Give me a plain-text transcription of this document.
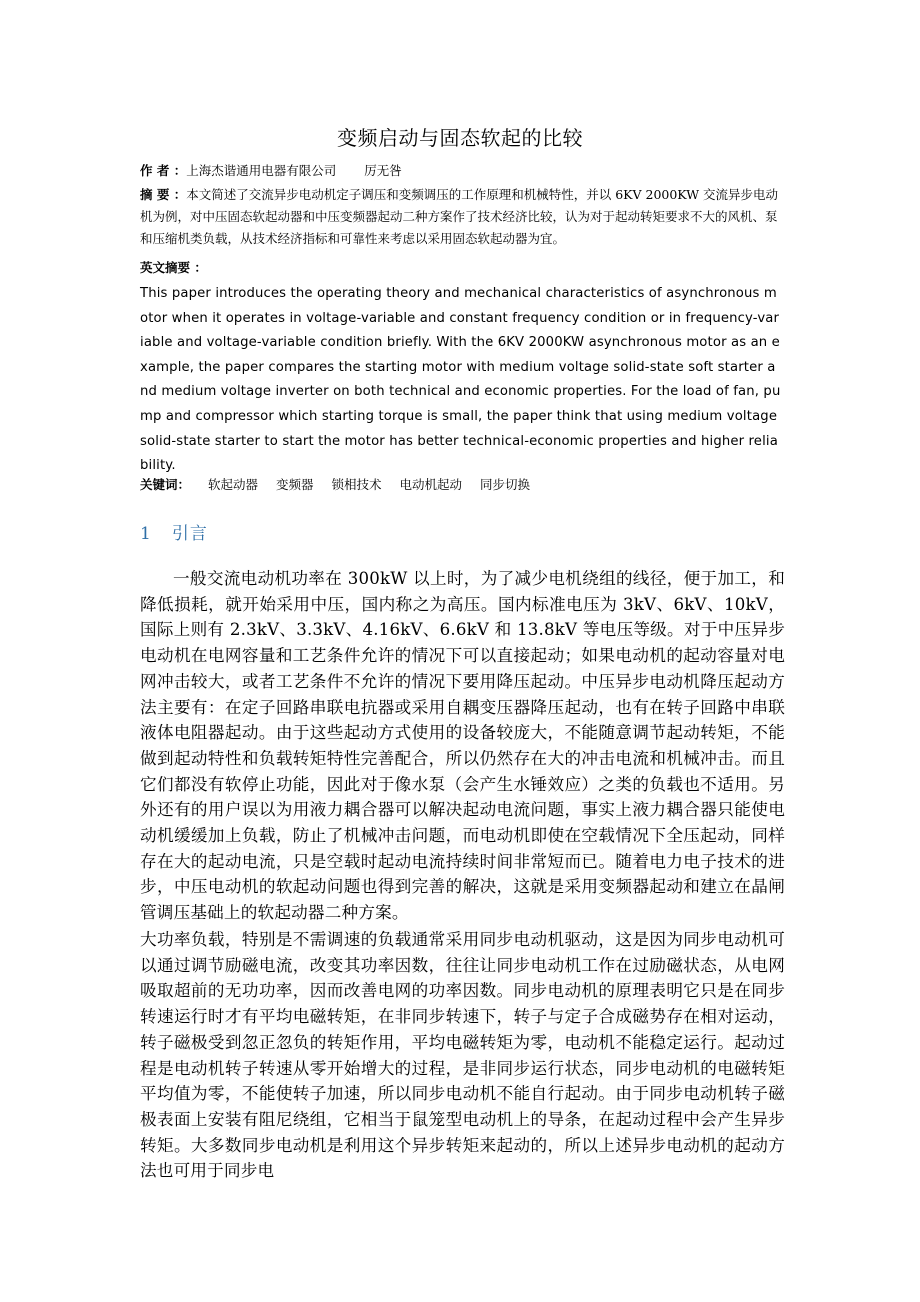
变频启动与固态软起的比较
作 者 ：上海杰谐通用电器有限公司 厉无咎
摘 要 ：本文简述了交流异步电动机定子调压和变频调压的工作原理和机械特性，并以 6KV 2000KW 交流异步电动机为例，对中压固态软起动器和中压变频器起动二种方案作了技术经济比较，认为对于起动转矩要求不大的风机、泵和压缩机类负载，从技术经济指标和可靠性来考虑以采用固态软起动器为宜。
英文摘要 ：
This paper introduces the operating theory and mechanical characteristics of asynchronous motor when it operates in voltage-variable and constant frequency condition or in frequency-variable and voltage-variable condition briefly. With the 6KV 2000KW asynchronous motor as an example, the paper compares the starting motor with medium voltage solid-state soft starter and medium voltage inverter on both technical and economic properties. For the load of fan, pump and compressor which starting torque is small, the paper think that using medium voltage solid-state starter to start the motor has better technical-economic properties and higher reliability.
关键词： 软起动器 变频器 锁相技术 电动机起动 同步切换
1 引言
一般交流电动机功率在 300kW 以上时，为了减少电机绕组的线径，便于加工，和降低损耗，就开始采用中压，国内称之为高压。国内标准电压为 3kV、6kV、10kV，国际上则有 2.3kV、3.3kV、4.16kV、6.6kV 和 13.8kV 等电压等级。对于中压异步电动机在电网容量和工艺条件允许的情况下可以直接起动；如果电动机的起动容量对电网冲击较大，或者工艺条件不允许的情况下要用降压起动。中压异步电动机降压起动方法主要有：在定子回路串联电抗器或采用自耦变压器降压起动，也有在转子回路中串联液体电阻器起动。由于这些起动方式使用的设备较庞大，不能随意调节起动转矩，不能做到起动特性和负载转矩特性完善配合，所以仍然存在大的冲击电流和机械冲击。而且它们都没有软停止功能，因此对于像水泵（会产生水锤效应）之类的负载也不适用。另外还有的用户误以为用液力耦合器可以解决起动电流问题，事实上液力耦合器只能使电动机缓缓加上负载，防止了机械冲击问题，而电动机即使在空载情况下全压起动，同样存在大的起动电流，只是空载时起动电流持续时间非常短而已。随着电力电子技术的进步，中压电动机的软起动问题也得到完善的解决，这就是采用变频器起动和建立在晶闸管调压基础上的软起动器二种方案。
大功率负载，特别是不需调速的负载通常采用同步电动机驱动，这是因为同步电动机可以通过调节励磁电流，改变其功率因数，往往让同步电动机工作在过励磁状态，从电网吸取超前的无功功率，因而改善电网的功率因数。同步电动机的原理表明它只是在同步转速运行时才有平均电磁转矩，在非同步转速下，转子与定子合成磁势存在相对运动，转子磁极受到忽正忽负的转矩作用，平均电磁转矩为零，电动机不能稳定运行。起动过程是电动机转子转速从零开始增大的过程，是非同步运行状态，同步电动机的电磁转矩平均值为零，不能使转子加速，所以同步电动机不能自行起动。由于同步电动机转子磁极表面上安装有阻尼绕组，它相当于鼠笼型电动机上的导条，在起动过程中会产生异步转矩。大多数同步电动机是利用这个异步转矩来起动的，所以上述异步电动机的起动方法也可用于同步电
